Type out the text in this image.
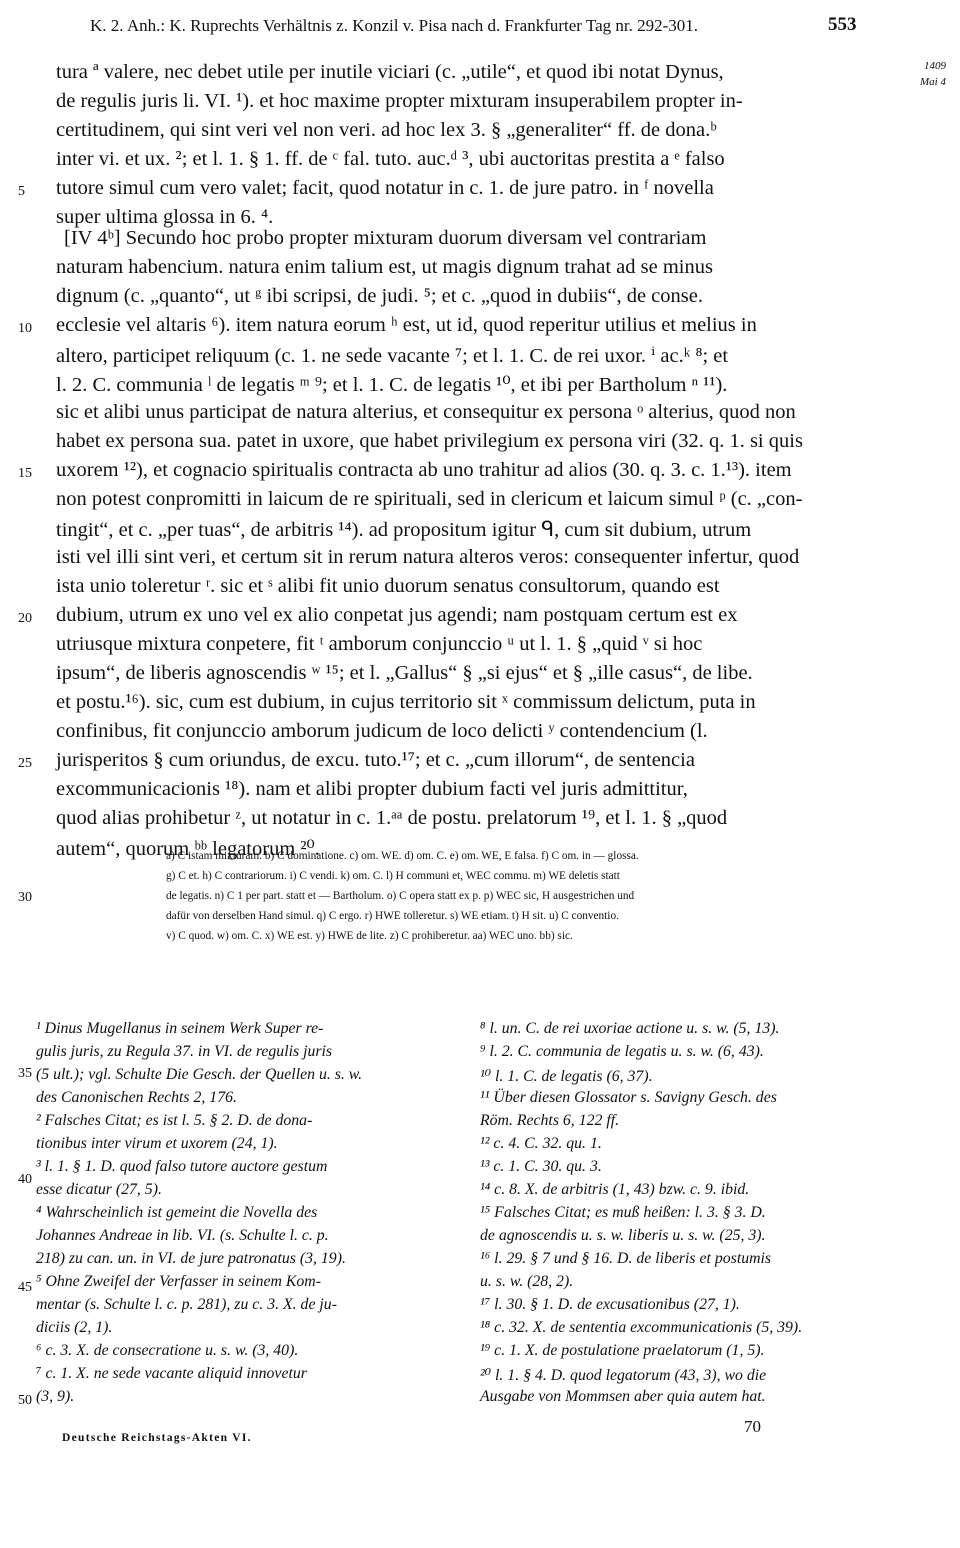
K. 2. Anh.: K. Ruprechts Verhältnis z. Konzil v. Pisa nach d. Frankfurter Tag nr. 292-301.	553
1409
Mai 4
tura ª valere, nec debet utile per inutile viciari (c. „utile“, et quod ibi notat Dynus,
de regulis juris li. VI. ¹). et hoc maxime propter mixturam insuperabilem propter in-
certitudinem, qui sint veri vel non veri. ad hoc lex 3. § „generaliter“ ff. de dona.ᵇ
inter vi. et ux. ²; et l. 1. § 1. ff. de ᶜ fal. tuto. auc.ᵈ ³, ubi auctoritas prestita a ᵉ falso
tutore simul cum vero valet; facit, quod notatur in c. 1. de jure patro. in ᶠ novella
super ultima glossa in 6. ⁴.
[IV 4ᵇ] Secundo hoc probo propter mixturam duorum diversam vel contrariam
naturam habencium. natura enim talium est, ut magis dignum trahat ad se minus
dignum (c. „quanto“, ut ᵍ ibi scripsi, de judi. ⁵; et c. „quod in dubiis“, de conse.
ecclesie vel altaris ⁶). item natura eorum ʰ est, ut id, quod reperitur utilius et melius in
altero, participet reliquum (c. 1. ne sede vacante ⁷; et l. 1. C. de rei uxor. ⁱ ac.ᵏ ⁸; et
l. 2. C. communia ˡ de legatis ᵐ ⁹; et l. 1. C. de legatis ¹⁰, et ibi per Bartholum ⁿ ¹¹).
sic et alibi unus participat de natura alterius, et consequitur ex persona ᵒ alterius, quod non
habet ex persona sua. patet in uxore, que habet privilegium ex persona viri (32. q. 1. si quis
uxorem ¹²), et cognacio spiritualis contracta ab uno trahitur ad alios (30. q. 3. c. 1.¹³). item
non potest conpromitti in laicum de re spirituali, sed in clericum et laicum simul ᵖ (c. „con-
tingit“, et c. „per tuas“, de arbitris ¹⁴). ad propositum igitur ᑫ, cum sit dubium, utrum
isti vel illi sint veri, et certum sit in rerum natura alteros veros: consequenter infertur, quod
ista unio toleretur ʳ. sic et ˢ alibi fit unio duorum senatus consultorum, quando est
dubium, utrum ex uno vel ex alio conpetat jus agendi; nam postquam certum est ex
utriusque mixtura conpetere, fit ᵗ amborum conjunccio ᵘ ut l. 1. § „quid ᵛ si hoc
ipsum“, de liberis agnoscendis ʷ ¹⁵; et l. „Gallus“ § „si ejus“ et § „ille casus“, de libe.
et postu.¹⁶). sic, cum est dubium, in cujus territorio sit ˣ commissum delictum, puta in
confinibus, fit conjunccio amborum judicum de loco delicti ʸ contendencium (l.
jurisperitos § cum oriundus, de excu. tuto.¹⁷; et c. „cum illorum“, de sentencia
excommunicacionis ¹⁸). nam et alibi propter dubium facti vel juris admittitur,
quod alias prohibetur ᶻ, ut notatur in c. 1.ᵃᵃ de postu. prelatorum ¹⁹, et l. 1. § „quod
autem“, quorum ᵇᵇ legatorum ²⁰.
5
10
15
20
25
30
35
40
45
50
a) C istam mixturam. b) C dominatione. c) om. WE. d) om. C. e) om. WE, E falsa. f) C om. in — glossa.
g) C et. h) C contrariorum. i) C vendi. k) om. C. l) H communi et, WEC commu. m) WE deletis statt
de legatis. n) C 1 per part. statt et — Bartholum. o) C opera statt ex p. p) WEC sic, H ausgestrichen und
dafür von derselben Hand simul. q) C ergo. r) HWE tolleretur. s) WE etiam. t) H sit. u) C conventio.
v) C quod. w) om. C. x) WE est. y) HWE de lite. z) C prohiberetur. aa) WEC uno. bb) sic.
¹ Dinus Mugellanus in seinem Werk Super re-
gulis juris, zu Regula 37. in VI. de regulis juris
(5 ult.); vgl. Schulte Die Gesch. der Quellen u. s. w.
des Canonischen Rechts 2, 176.
² Falsches Citat; es ist l. 5. § 2. D. de dona-
tionibus inter virum et uxorem (24, 1).
³ l. 1. § 1. D. quod falso tutore auctore gestum
esse dicatur (27, 5).
⁴ Wahrscheinlich ist gemeint die Novella des
Johannes Andreae in lib. VI. (s. Schulte l. c. p.
218) zu can. un. in VI. de jure patronatus (3, 19).
⁵ Ohne Zweifel der Verfasser in seinem Kom-
mentar (s. Schulte l. c. p. 281), zu c. 3. X. de ju-
diciis (2, 1).
⁶ c. 3. X. de consecratione u. s. w. (3, 40).
⁷ c. 1. X. ne sede vacante aliquid innovetur
(3, 9).
⁸ l. un. C. de rei uxoriae actione u. s. w. (5, 13).
⁹ l. 2. C. communia de legatis u. s. w. (6, 43).
¹⁰ l. 1. C. de legatis (6, 37).
¹¹ Über diesen Glossator s. Savigny Gesch. des
Röm. Rechts 6, 122 ff.
¹² c. 4. C. 32. qu. 1.
¹³ c. 1. C. 30. qu. 3.
¹⁴ c. 8. X. de arbitris (1, 43) bzw. c. 9. ibid.
¹⁵ Falsches Citat; es muß heißen: l. 3. § 3. D.
de agnoscendis u. s. w. liberis u. s. w. (25, 3).
¹⁶ l. 29. § 7 und § 16. D. de liberis et postumis
u. s. w. (28, 2).
¹⁷ l. 30. § 1. D. de excusationibus (27, 1).
¹⁸ c. 32. X. de sententia excommunicationis (5, 39).
¹⁹ c. 1. X. de postulatione praelatorum (1, 5).
²⁰ l. 1. § 4. D. quod legatorum (43, 3), wo die
Ausgabe von Mommsen aber quia autem hat.
Deutsche Reichstags-Akten VI.
70
